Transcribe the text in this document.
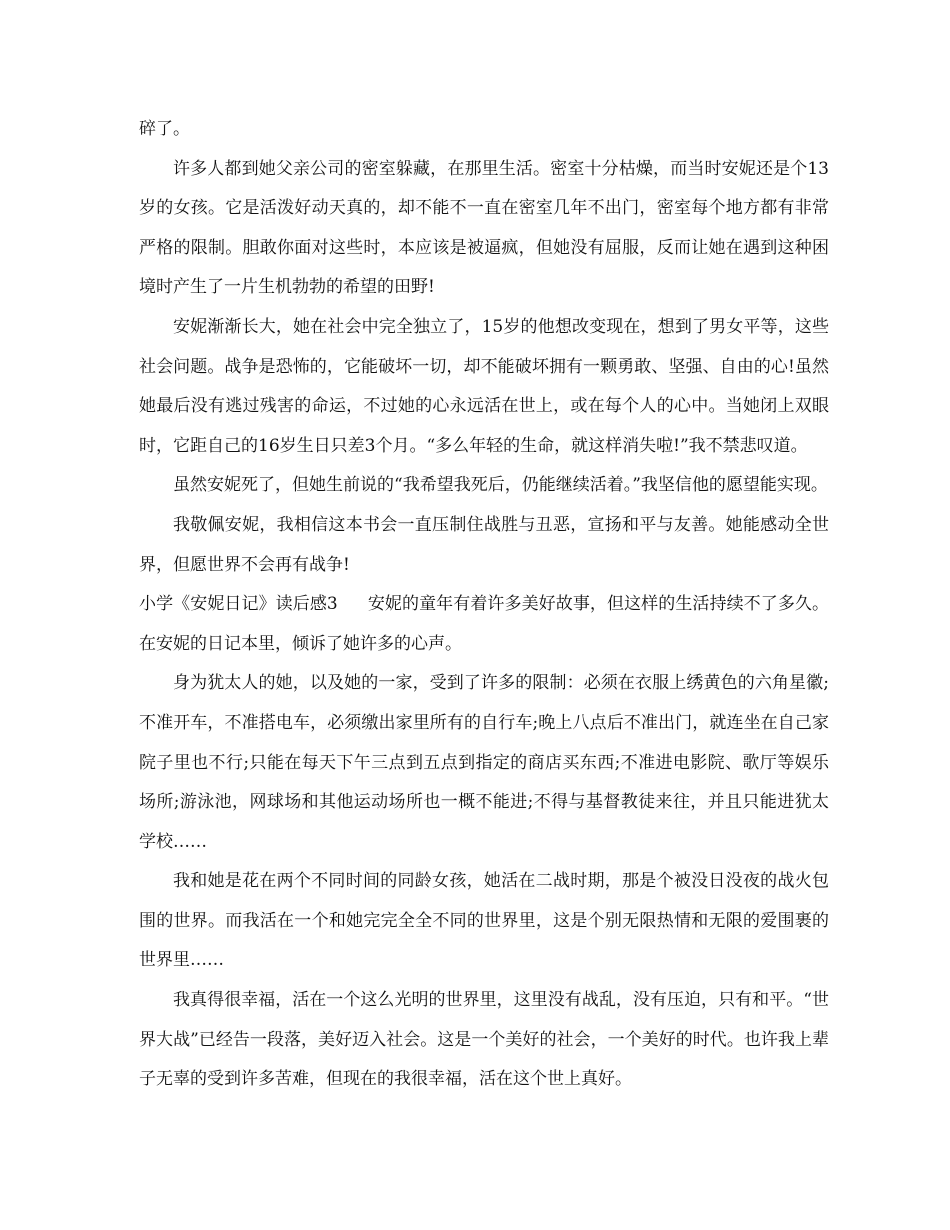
碎了。

许多人都到她父亲公司的密室躲藏，在那里生活。密室十分枯燥，而当时安妮还是个13岁的女孩。它是活泼好动天真的，却不能不一直在密室几年不出门，密室每个地方都有非常严格的限制。胆敢你面对这些时，本应该是被逼疯，但她没有屈服，反而让她在遇到这种困境时产生了一片生机勃勃的希望的田野!

安妮渐渐长大，她在社会中完全独立了，15岁的他想改变现在，想到了男女平等，这些社会问题。战争是恐怖的，它能破坏一切，却不能破坏拥有一颗勇敢、坚强、自由的心!虽然她最后没有逃过残害的命运，不过她的心永远活在世上，或在每个人的心中。当她闭上双眼时，它距自己的16岁生日只差3个月。“多么年轻的生命，就这样消失啦!”我不禁悲叹道。

虽然安妮死了，但她生前说的“我希望我死后，仍能继续活着。”我坚信他的愿望能实现。

我敬佩安妮，我相信这本书会一直压制住战胜与丑恶，宣扬和平与友善。她能感动全世界，但愿世界不会再有战争!

小学《安妮日记》读后感3 安妮的童年有着许多美好故事，但这样的生活持续不了多久。在安妮的日记本里，倾诉了她许多的心声。

身为犹太人的她，以及她的一家，受到了许多的限制：必须在衣服上绣黄色的六角星徽;不准开车，不准搭电车，必须缴出家里所有的自行车;晚上八点后不准出门，就连坐在自己家院子里也不行;只能在每天下午三点到五点到指定的商店买东西;不准进电影院、歌厅等娱乐场所;游泳池，网球场和其他运动场所也一概不能进;不得与基督教徒来往，并且只能进犹太学校……

我和她是花在两个不同时间的同龄女孩，她活在二战时期，那是个被没日没夜的战火包围的世界。而我活在一个和她完完全全不同的世界里，这是个别无限热情和无限的爱围裹的世界里……

我真得很幸福，活在一个这么光明的世界里，这里没有战乱，没有压迫，只有和平。“世界大战”已经告一段落，美好迈入社会。这是一个美好的社会，一个美好的时代。也许我上辈子无辜的受到许多苦难，但现在的我很幸福，活在这个世上真好。
